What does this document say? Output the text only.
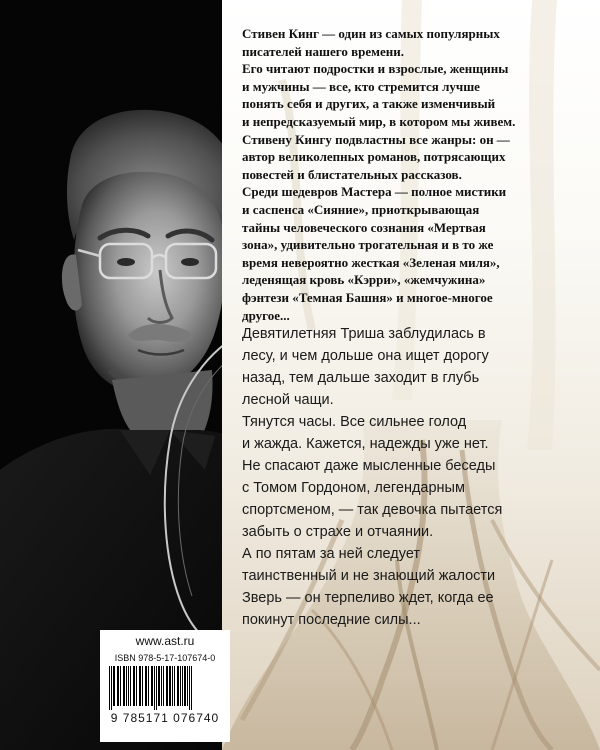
Стивен Кинг — один из самых популярных
писателей нашего времени.
Его читают подростки и взрослые, женщины
и мужчины — все, кто стремится лучше
понять себя и других, а также изменчивый
и непредсказуемый мир, в котором мы живем.
Стивену Кингу подвластны все жанры: он —
автор великолепных романов, потрясающих
повестей и блистательных рассказов.
Среди шедевров Мастера — полное мистики
и саспенса «Сияние», приоткрывающая
тайны человеческого сознания «Мертвая
зона», удивительно трогательная и в то же
время невероятно жесткая «Зеленая миля»,
леденящая кровь «Кэрри», «жемчужина»
фэнтези «Темная Башня» и многое-многое
другое...
Девятилетняя Триша заблудилась в
лесу, и чем дольше она ищет дорогу
назад, тем дальше заходит в глубь
лесной чащи.
Тянутся часы. Все сильнее голод
и жажда. Кажется, надежды уже нет.
Не спасают даже мысленные беседы
с Томом Гордоном, легендарным
спортсменом, — так девочка пытается
забыть о страхе и отчаянии.
А по пятам за ней следует
таинственный и не знающий жалости
Зверь — он терпеливо ждет, когда ее
покинут последние силы...
www.ast.ru
ISBN 978-5-17-107674-0
9 785171 076740
